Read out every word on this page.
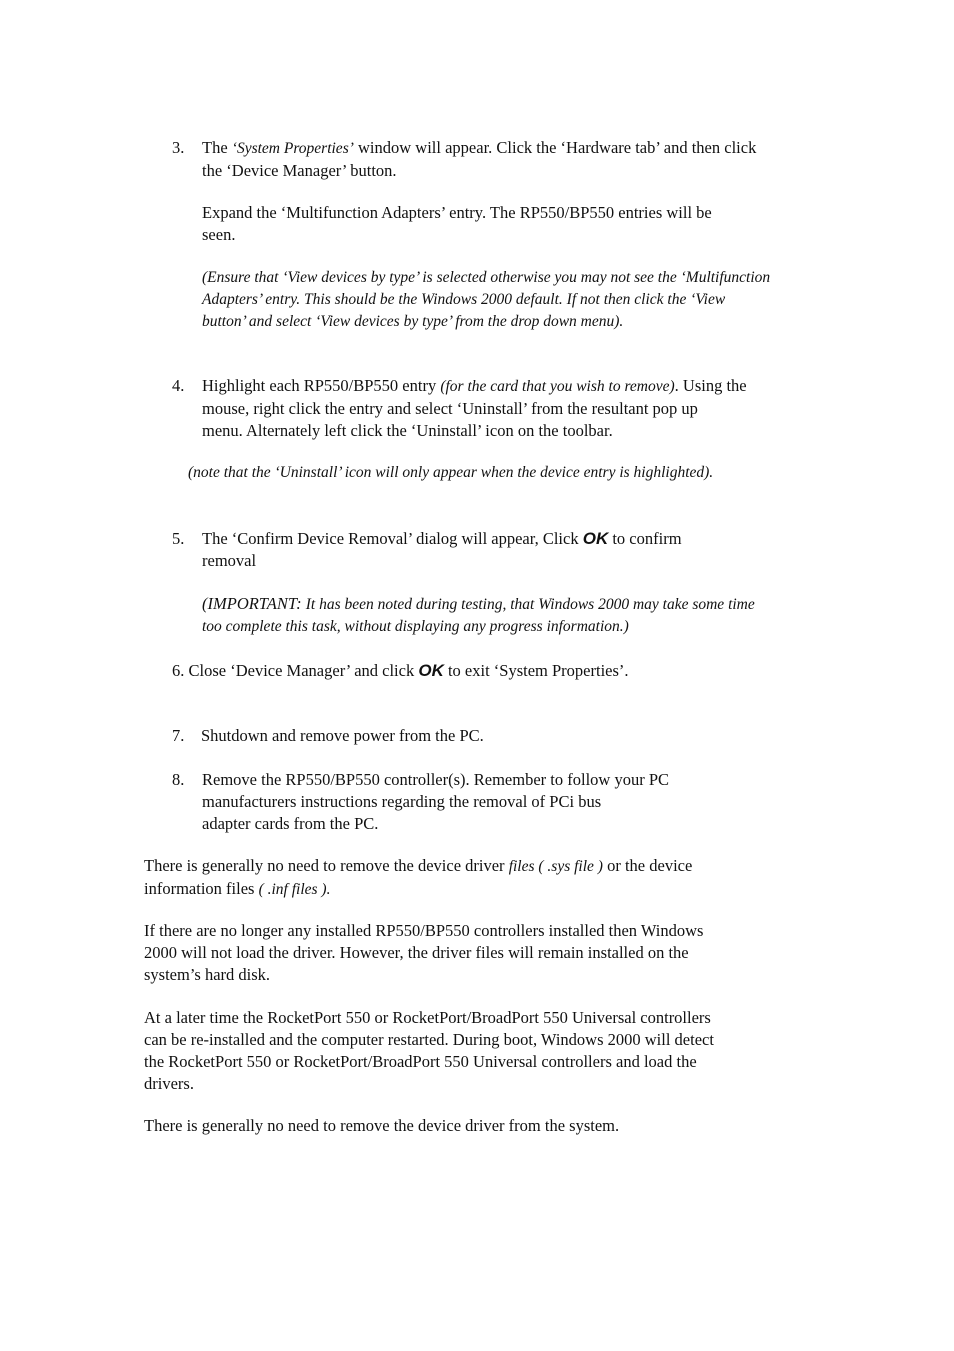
3. The ‘System Properties’ window will appear. Click the ‘Hardware tab’ and then click
the ‘Device Manager’ button.
Expand the ‘Multifunction Adapters’ entry. The RP550/BP550 entries will be
seen.
(Ensure that ‘View devices by type’ is selected otherwise you may not see the ‘Multifunction
Adapters’ entry. This should be the Windows 2000 default. If not then click the ‘View
button’ and select ‘View devices by type’ from the drop down menu).
4. Highlight each RP550/BP550 entry (for the card that you wish to remove). Using the
mouse, right click the entry and select ‘Uninstall’ from the resultant pop up
menu. Alternately left click the ‘Uninstall’ icon on the toolbar.
(note that the ‘Uninstall’ icon will only appear when the device entry is highlighted).
5. The ‘Confirm Device Removal’ dialog will appear, Click OK to confirm
removal
(IMPORTANT: It has been noted during testing, that Windows 2000 may take some time
too complete this task, without displaying any progress information.)
6. Close ‘Device Manager’ and click OK to exit ‘System Properties’.
7. Shutdown and remove power from the PC.
8. Remove the RP550/BP550 controller(s). Remember to follow your PC
manufacturers instructions regarding the removal of PCi bus
adapter cards from the PC.
There is generally no need to remove the device driver files ( .sys file ) or the device
information files ( .inf files ).
If there are no longer any installed RP550/BP550 controllers installed then Windows
2000 will not load the driver. However, the driver files will remain installed on the
system’s hard disk.
At a later time the RocketPort 550 or RocketPort/BroadPort 550 Universal controllers
can be re-installed and the computer restarted. During boot, Windows 2000 will detect
the RocketPort 550 or RocketPort/BroadPort 550 Universal controllers and load the
drivers.
There is generally no need to remove the device driver from the system.
